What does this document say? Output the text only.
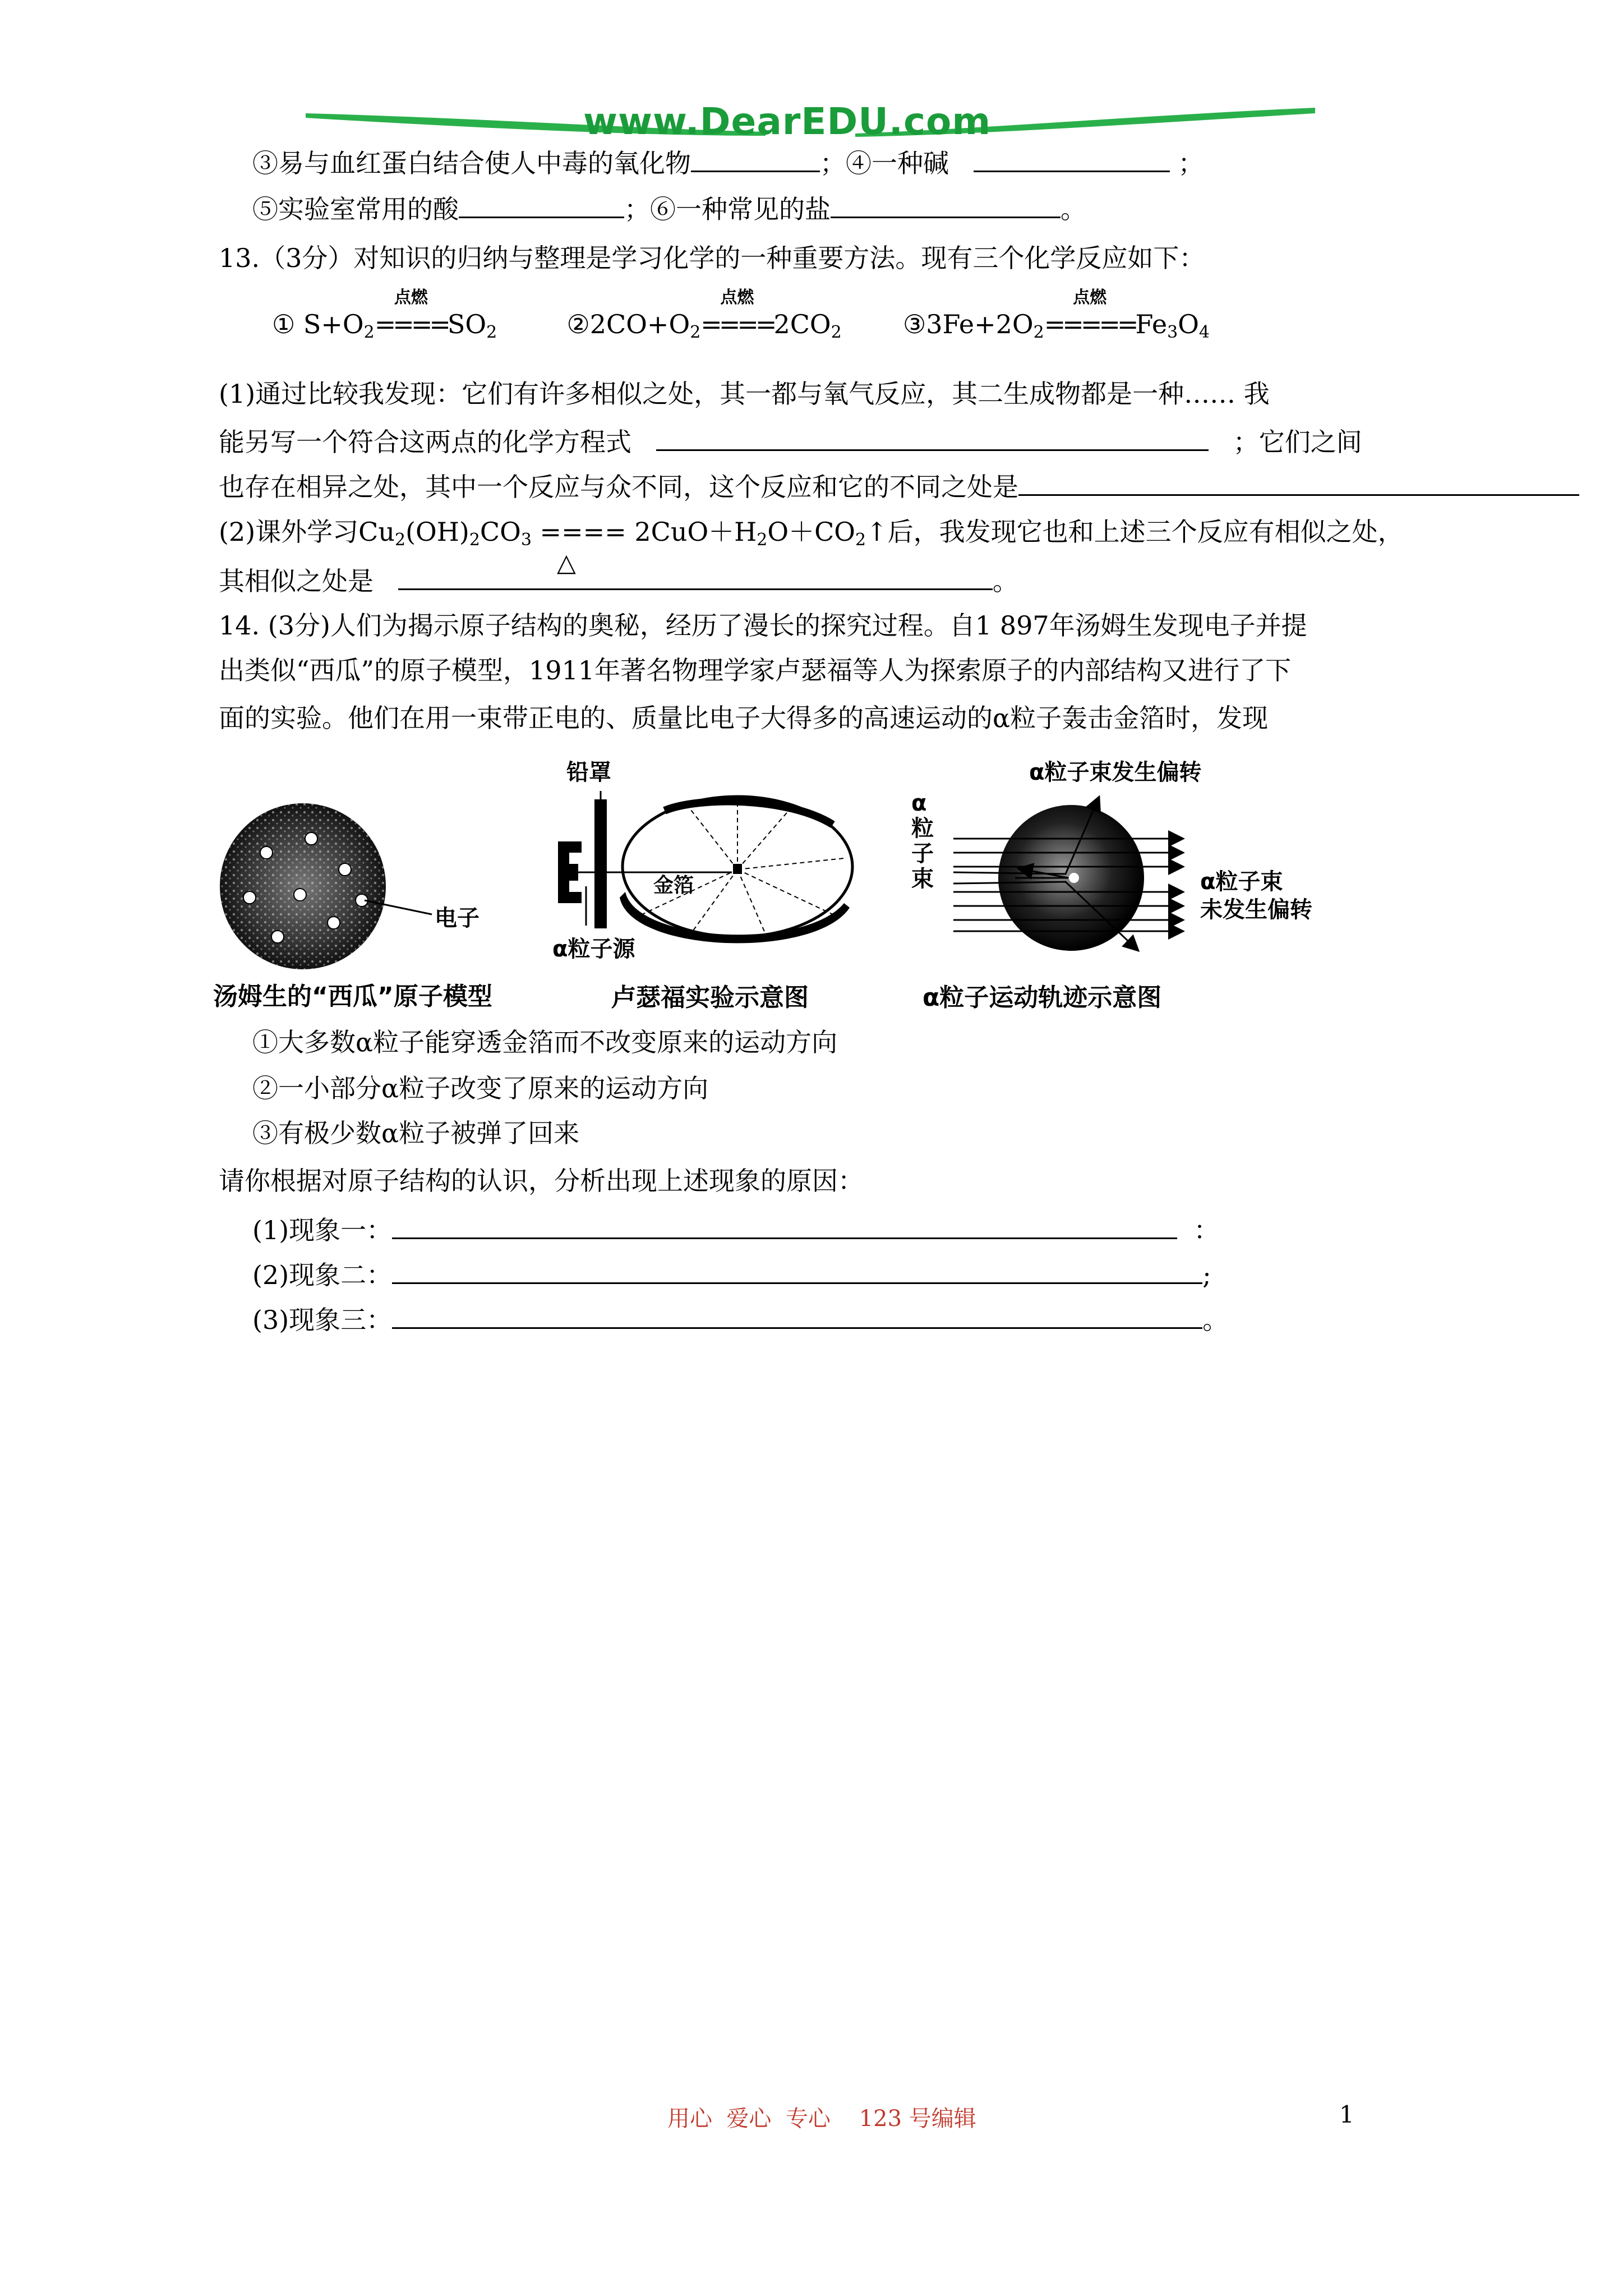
www.DearEDU.com
③易与血红蛋白结合使人中毒的氧化物	；④一种碱	；
⑤实验室常用的酸	；⑥一种常见的盐	。
13.（3分）对知识的归纳与整理是学习化学的一种重要方法。现有三个化学反应如下：
① $S+O_2$
点燃
$====SO_2$	$②2CO+O_2$
点燃
$====2CO_2$ $③3Fe+2O_2$
点燃
$=====Fe_3O_4$
(1)通过比较我发现：它们有许多相似之处，其一都与氧气反应，其二生成物都是一种…… 我
能另写一个符合这两点的化学方程式	；它们之间
也存在相异之处，其中一个反应与众不同，这个反应和它的不同之处是
(2)课外学习$Cu_2(OH)_2CO_3$ ==== $2CuO+H_2O+CO_2↑$后，我发现它也和上述三个反应有相似之处，
△
其相似之处是	。
14. (3分)人们为揭示原子结构的奥秘，经历了漫长的探究过程。自1 897年汤姆生发现电子并提
出类似“西瓜”的原子模型，1911年著名物理学家卢瑟福等人为探索原子的内部结构又进行了下
面的实验。他们在用一束带正电的、质量比电子大得多的高速运动的α粒子轰击金箔时，发现
电子
汤姆生的“西瓜”原子模型
铅罩
金箔
α粒子源
卢瑟福实验示意图
α粒子束发生偏转
α
粒
子
束	α粒子束
未发生偏转
α粒子运动轨迹示意图
①大多数α粒子能穿透金箔而不改变原来的运动方向
②一小部分α粒子改变了原来的运动方向
③有极少数α粒子被弹了回来
请你根据对原子结构的认识，分析出现上述现象的原因：
(1)现象一：	：
(2)现象二：	;
(3)现象三：	。
用心  爱心  专心    123 号编辑	1
